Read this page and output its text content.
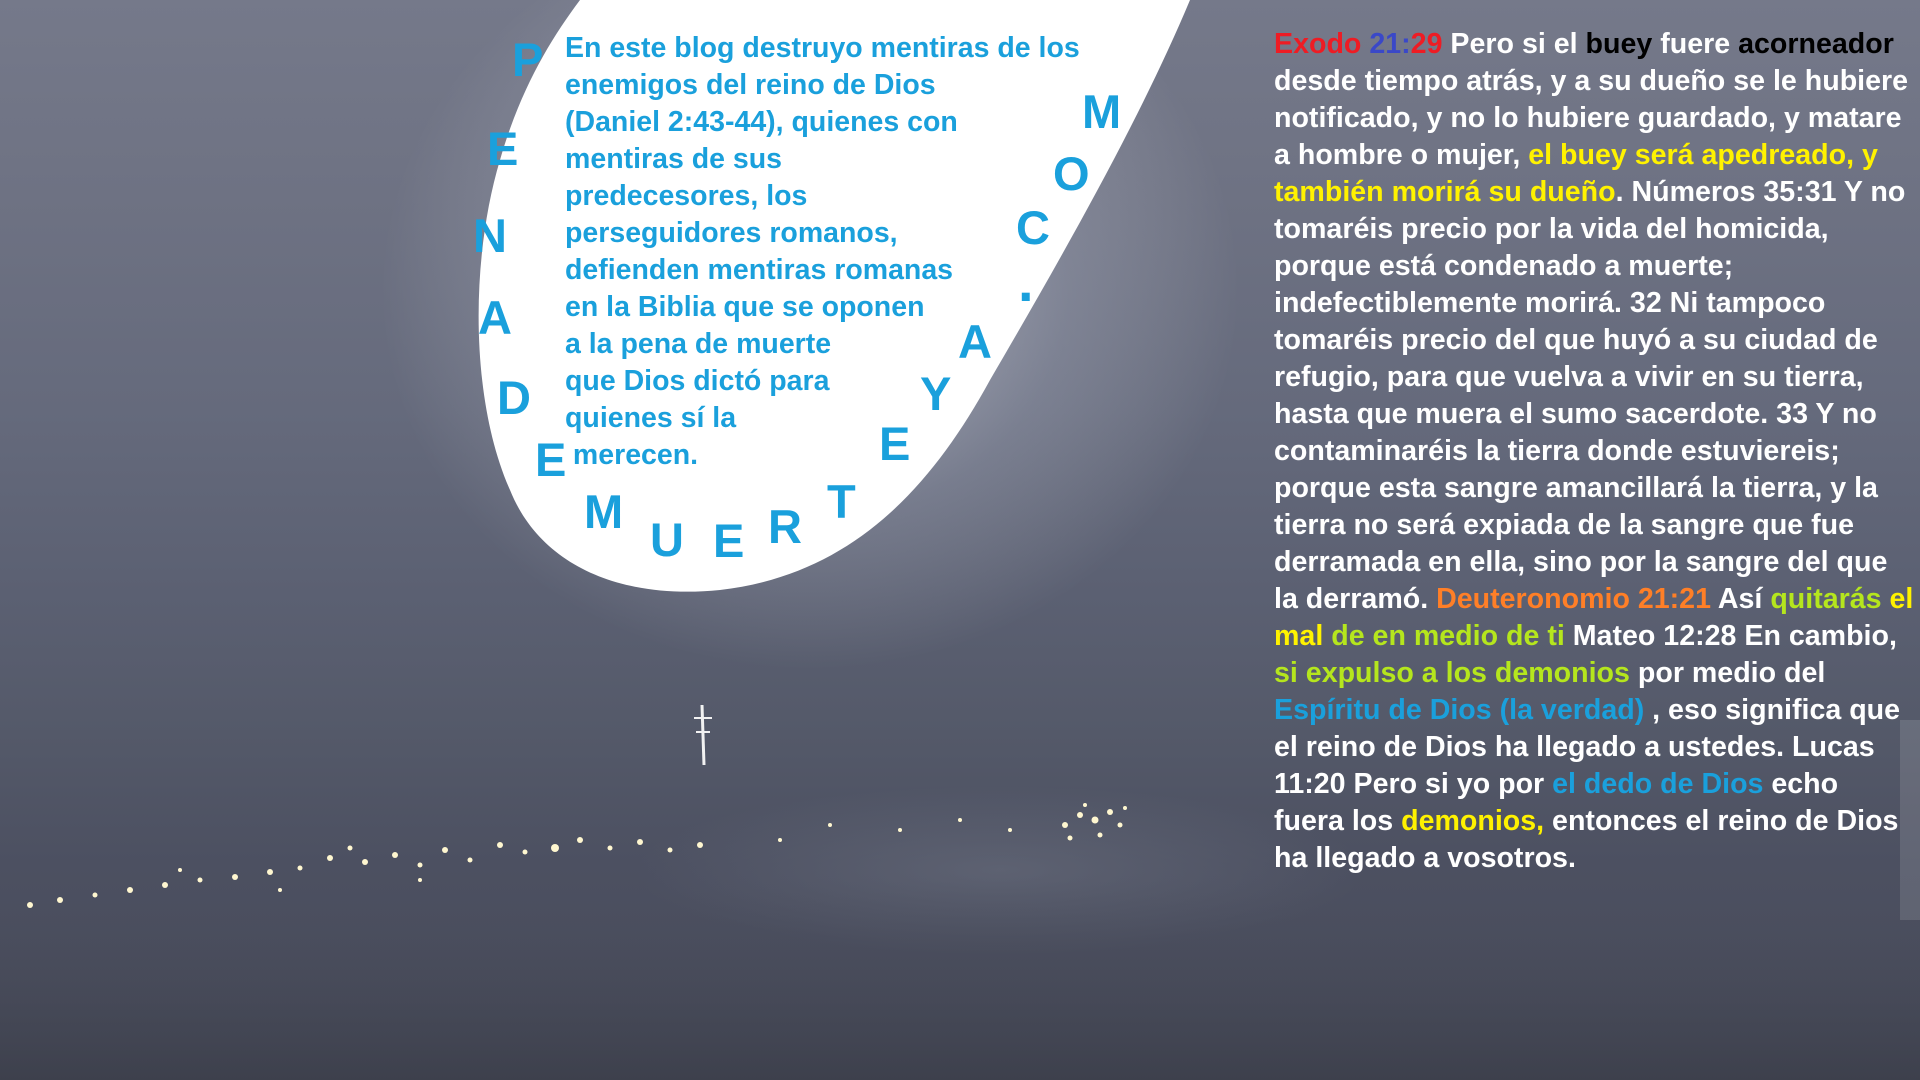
En este blog destruyo mentiras de los
enemigos del reino de Dios
(Daniel 2:43-44), quienes con
mentiras de sus
predecesores, los
perseguidores romanos,
defienden mentiras romanas
en la Biblia que se oponen
a la pena de muerte
que Dios dictó para
quienes sí la
merecen.
P
E
N
A
D
E
M
U E R T
E
Y
A
.
C
O
M
Exodo 21:29 Pero si el buey fuere acorneador desde tiempo atrás, y a su dueño se le hubiere notificado, y no lo hubiere guardado, y matare a hombre o mujer, el buey será apedreado, y también morirá su dueño. Números 35:31 Y no tomaréis precio por la vida del homicida, porque está condenado a muerte; indefectiblemente morirá. 32 Ni tampoco tomaréis precio del que huyó a su ciudad de refugio, para que vuelva a vivir en su tierra, hasta que muera el sumo sacerdote. 33 Y no contaminaréis la tierra donde estuviereis; porque esta sangre amancillará la tierra, y la tierra no será expiada de la sangre que fue derramada en ella, sino por la sangre del que la derramó. Deuteronomio 21:21 Así quitarás el mal de en medio de ti Mateo 12:28 En cambio, si expulso a los demonios por medio del Espíritu de Dios (la verdad) , eso significa que el reino de Dios ha llegado a ustedes. Lucas 11:20 Pero si yo por el dedo de Dios echo fuera los demonios, entonces el reino de Dios ha llegado a vosotros.
